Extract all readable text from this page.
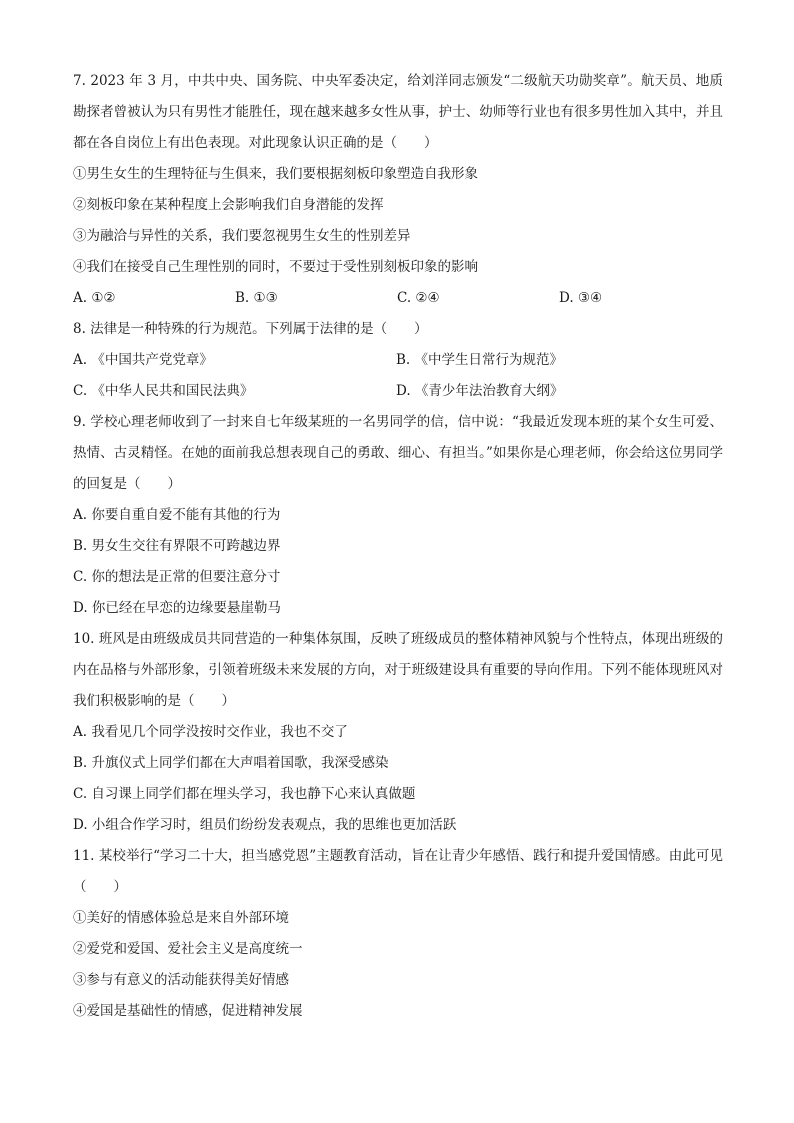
7. 2023 年 3 月，中共中央、国务院、中央军委决定，给刘洋同志颁发“二级航天功勋奖章”。航天员、地质勘探者曾被认为只有男性才能胜任，现在越来越多女性从事，护士、幼师等行业也有很多男性加入其中，并且都在各自岗位上有出色表现。对此现象认识正确的是（　　）

①男生女生的生理特征与生俱来，我们要根据刻板印象塑造自我形象

②刻板印象在某种程度上会影响我们自身潜能的发挥

③为融洽与异性的关系，我们要忽视男生女生的性别差异

④我们在接受自己生理性别的同时，不要过于受性别刻板印象的影响

A. ①②	B. ①③	C. ②④	D. ③④

8. 法律是一种特殊的行为规范。下列属于法律的是（　　）

A. 《中国共产党党章》	B. 《中学生日常行为规范》
C. 《中华人民共和国民法典》	D. 《青少年法治教育大纲》

9. 学校心理老师收到了一封来自七年级某班的一名男同学的信，信中说：“我最近发现本班的某个女生可爱、热情、古灵精怪。在她的面前我总想表现自己的勇敢、细心、有担当。”如果你是心理老师，你会给这位男同学的回复是（　　）

A. 你要自重自爱不能有其他的行为

B. 男女生交往有界限不可跨越边界

C. 你的想法是正常的但要注意分寸

D. 你已经在早恋的边缘要悬崖勒马

10. 班风是由班级成员共同营造的一种集体氛围，反映了班级成员的整体精神风貌与个性特点，体现出班级的内在品格与外部形象，引领着班级未来发展的方向，对于班级建设具有重要的导向作用。下列不能体现班风对我们积极影响的是（　　）

A. 我看见几个同学没按时交作业，我也不交了

B. 升旗仪式上同学们都在大声唱着国歌，我深受感染

C. 自习课上同学们都在埋头学习，我也静下心来认真做题

D. 小组合作学习时，组员们纷纷发表观点，我的思维也更加活跃

11. 某校举行“学习二十大，担当感党恩”主题教育活动，旨在让青少年感悟、践行和提升爱国情感。由此可见（　　）

①美好的情感体验总是来自外部环境

②爱党和爱国、爱社会主义是高度统一

③参与有意义的活动能获得美好情感

④爱国是基础性的情感，促进精神发展
